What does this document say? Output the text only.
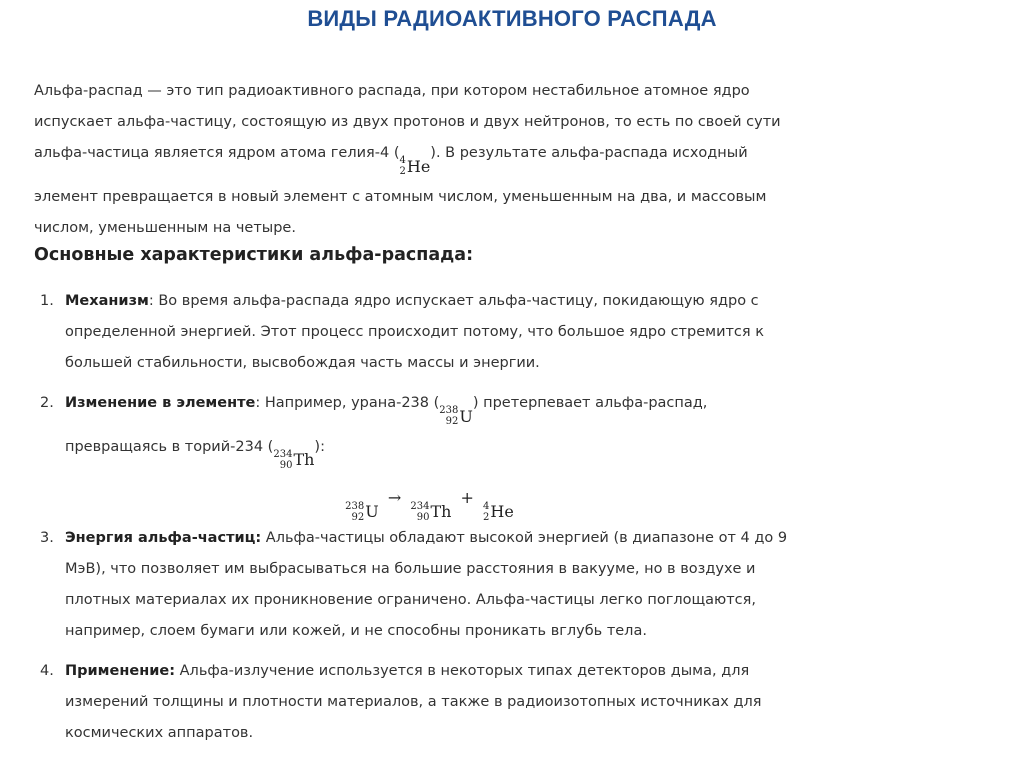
ВИДЫ РАДИОАКТИВНОГО РАСПАДА
Альфа-распад — это тип радиоактивного распада, при котором нестабильное атомное ядро испускает альфа-частицу, состоящую из двух протонов и двух нейтронов, то есть по своей сути альфа-частица является ядром атома гелия-4 ( 4
2 He
). В результате альфа-распада исходный элемент превращается в новый элемент с атомным числом, уменьшенным на два, и массовым числом, уменьшенным на четыре.
Основные характеристики альфа-распада:
1. Механизм: Во время альфа-распада ядро испускает альфа-частицу, покидающую ядро с определенной энергией. Этот процесс происходит потому, что большое ядро стремится к большей стабильности, высвобождая часть массы и энергии.
2. Изменение в элементе: Например, урана-238 ( 238
92 U
) претерпевает альфа-распад, превращаясь в торий-234 ( 234
90 Th
):
238
92 U
→ 234
90 Th
+ 4
2 He
3. Энергия альфа-частиц: Альфа-частицы обладают высокой энергией (в диапазоне от 4 до 9 МэВ), что позволяет им выбрасываться на большие расстояния в вакууме, но в воздухе и плотных материалах их проникновение ограничено. Альфа-частицы легко поглощаются, например, слоем бумаги или кожей, и не способны проникать вглубь тела.
4. Применение: Альфа-излучение используется в некоторых типах детекторов дыма, для измерений толщины и плотности материалов, а также в радиоизотопных источниках для космических аппаратов.
